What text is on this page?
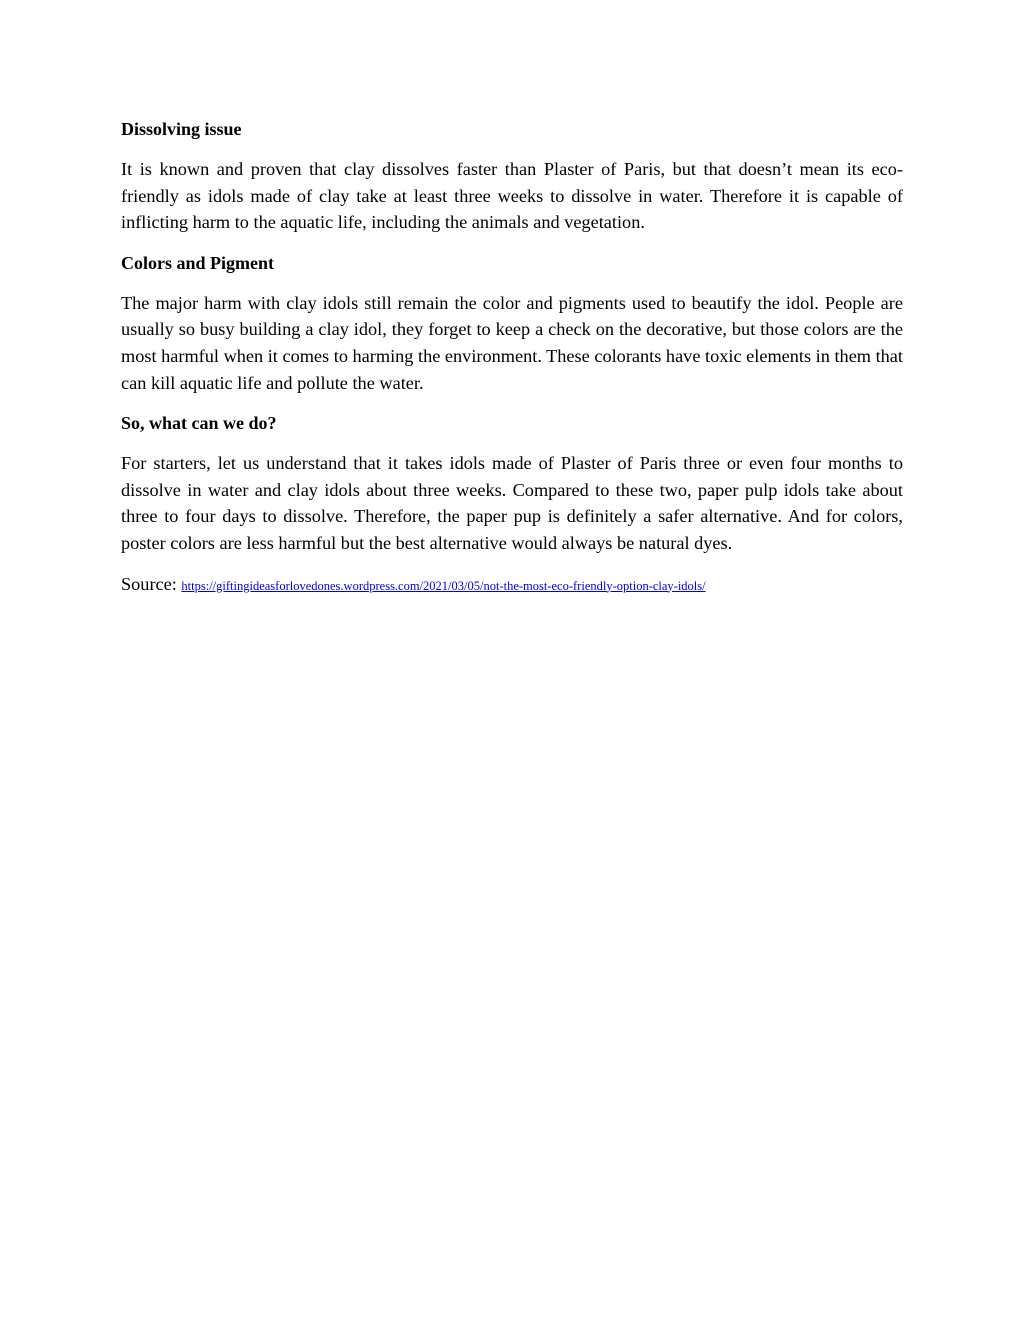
Dissolving issue

It is known and proven that clay dissolves faster than Plaster of Paris, but that doesn’t mean its eco-friendly as idols made of clay take at least three weeks to dissolve in water. Therefore it is capable of inflicting harm to the aquatic life, including the animals and vegetation.

Colors and Pigment

The major harm with clay idols still remain the color and pigments used to beautify the idol. People are usually so busy building a clay idol, they forget to keep a check on the decorative, but those colors are the most harmful when it comes to harming the environment. These colorants have toxic elements in them that can kill aquatic life and pollute the water.

So, what can we do?

For starters, let us understand that it takes idols made of Plaster of Paris three or even four months to dissolve in water and clay idols about three weeks. Compared to these two, paper pulp idols take about three to four days to dissolve. Therefore, the paper pup is definitely a safer alternative. And for colors, poster colors are less harmful but the best alternative would always be natural dyes.

Source: https://giftingideasforlovedones.wordpress.com/2021/03/05/not-the-most-eco-friendly-option-clay-idols/
